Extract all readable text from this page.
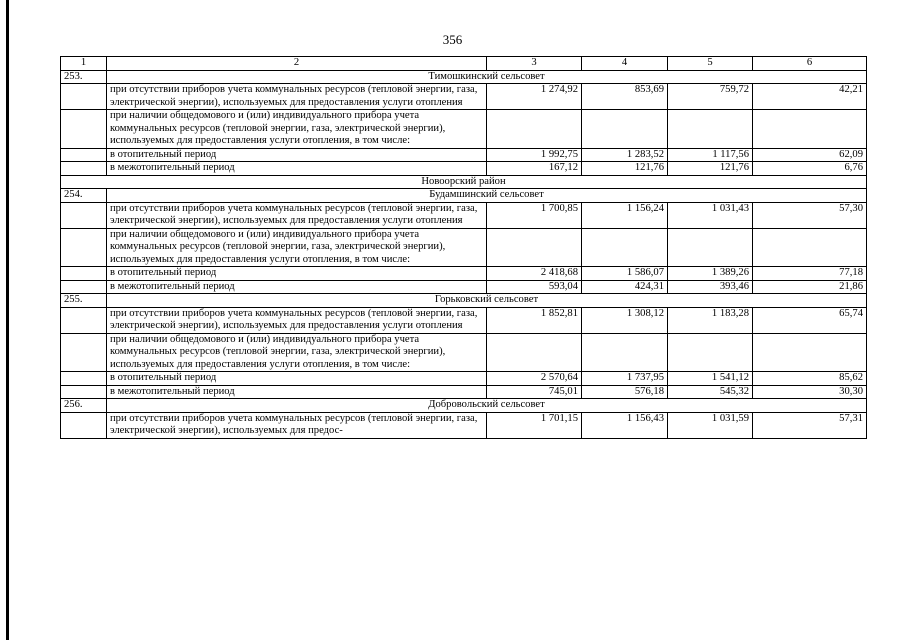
356
1	2	3	4	5	6
253.	Тимошкинский сельсовет				
	при отсутствии приборов учета коммунальных ресурсов (тепловой энергии, газа, электрической энергии), используемых для предоставления услуги отопления	1 274,92	853,69	759,72	42,21
	при наличии общедомового и (или) индивидуального прибора учета коммунальных ресурсов (тепловой энергии, газа, электрической энергии), используемых для предоставления услуги отопления, в том числе:				
	в отопительный период	1 992,75	1 283,52	1 117,56	62,09
	в межотопительный период	167,12	121,76	121,76	6,76
Новоорский район					
254.	Будамшинский сельсовет				
	при отсутствии приборов учета коммунальных ресурсов (тепловой энергии, газа, электрической энергии), используемых для предоставления услуги отопления	1 700,85	1 156,24	1 031,43	57,30
	при наличии общедомового и (или) индивидуального прибора учета коммунальных ресурсов (тепловой энергии, газа, электрической энергии), используемых для предоставления услуги отопления, в том числе:				
	в отопительный период	2 418,68	1 586,07	1 389,26	77,18
	в межотопительный период	593,04	424,31	393,46	21,86
255.	Горьковский сельсовет				
	при отсутствии приборов учета коммунальных ресурсов (тепловой энергии, газа, электрической энергии), используемых для предоставления услуги отопления	1 852,81	1 308,12	1 183,28	65,74
	при наличии общедомового и (или) индивидуального прибора учета коммунальных ресурсов (тепловой энергии, газа, электрической энергии), используемых для предоставления услуги отопления, в том числе:				
	в отопительный период	2 570,64	1 737,95	1 541,12	85,62
	в межотопительный период	745,01	576,18	545,32	30,30
256.	Добровольский сельсовет				
	при отсутствии приборов учета коммунальных ресурсов (тепловой энергии, газа, электрической энергии), используемых для предос-	1 701,15	1 156,43	1 031,59	57,31
